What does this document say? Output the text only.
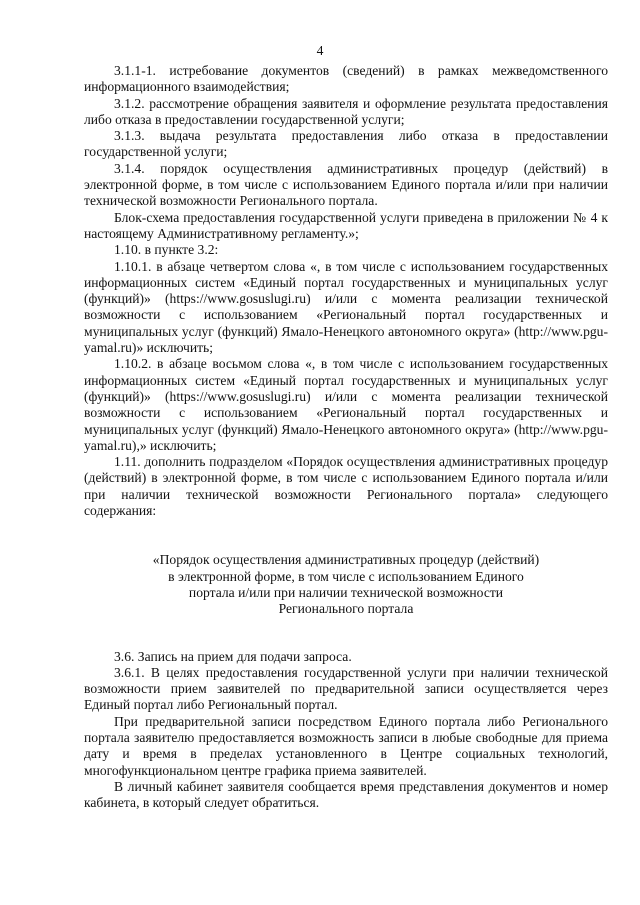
4

3.1.1-1. истребование документов (сведений) в рамках межведомственного информационного взаимодействия;

3.1.2. рассмотрение обращения заявителя и оформление результата предоставления либо отказа в предоставлении государственной услуги;

3.1.3. выдача результата предоставления либо отказа в предоставлении государственной услуги;

3.1.4. порядок осуществления административных процедур (действий) в электронной форме, в том числе с использованием Единого портала и/или при наличии технической возможности Регионального портала.

Блок-схема предоставления государственной услуги приведена в приложении № 4 к настоящему Административному регламенту.»;

1.10. в пункте 3.2:

1.10.1. в абзаце четвертом слова «, в том числе с использованием государственных информационных систем «Единый портал государственных и муниципальных услуг (функций)» (https://www.gosuslugi.ru) и/или с момента реализации технической возможности с использованием «Региональный портал государственных и муниципальных услуг (функций) Ямало-Ненецкого автономного округа» (http://www.pgu-yamal.ru)» исключить;

1.10.2. в абзаце восьмом слова «, в том числе с использованием государственных информационных систем «Единый портал государственных и муниципальных услуг (функций)» (https://www.gosuslugi.ru) и/или с момента реализации технической возможности с использованием «Региональный портал государственных и муниципальных услуг (функций) Ямало-Ненецкого автономного округа» (http://www.pgu-yamal.ru),» исключить;

1.11. дополнить подразделом «Порядок осуществления административных процедур (действий) в электронной форме, в том числе с использованием Единого портала и/или при наличии технической возможности Регионального портала» следующего содержания:

«Порядок осуществления административных процедур (действий)
в электронной форме, в том числе с использованием Единого
портала и/или при наличии технической возможности
Регионального портала

3.6. Запись на прием для подачи запроса.

3.6.1. В целях предоставления государственной услуги при наличии технической возможности прием заявителей по предварительной записи осуществляется через Единый портал либо Региональный портал.

При предварительной записи посредством Единого портала либо Регионального портала заявителю предоставляется возможность записи в любые свободные для приема дату и время в пределах установленного в Центре социальных технологий, многофункциональном центре графика приема заявителей.

В личный кабинет заявителя сообщается время представления документов и номер кабинета, в который следует обратиться.
